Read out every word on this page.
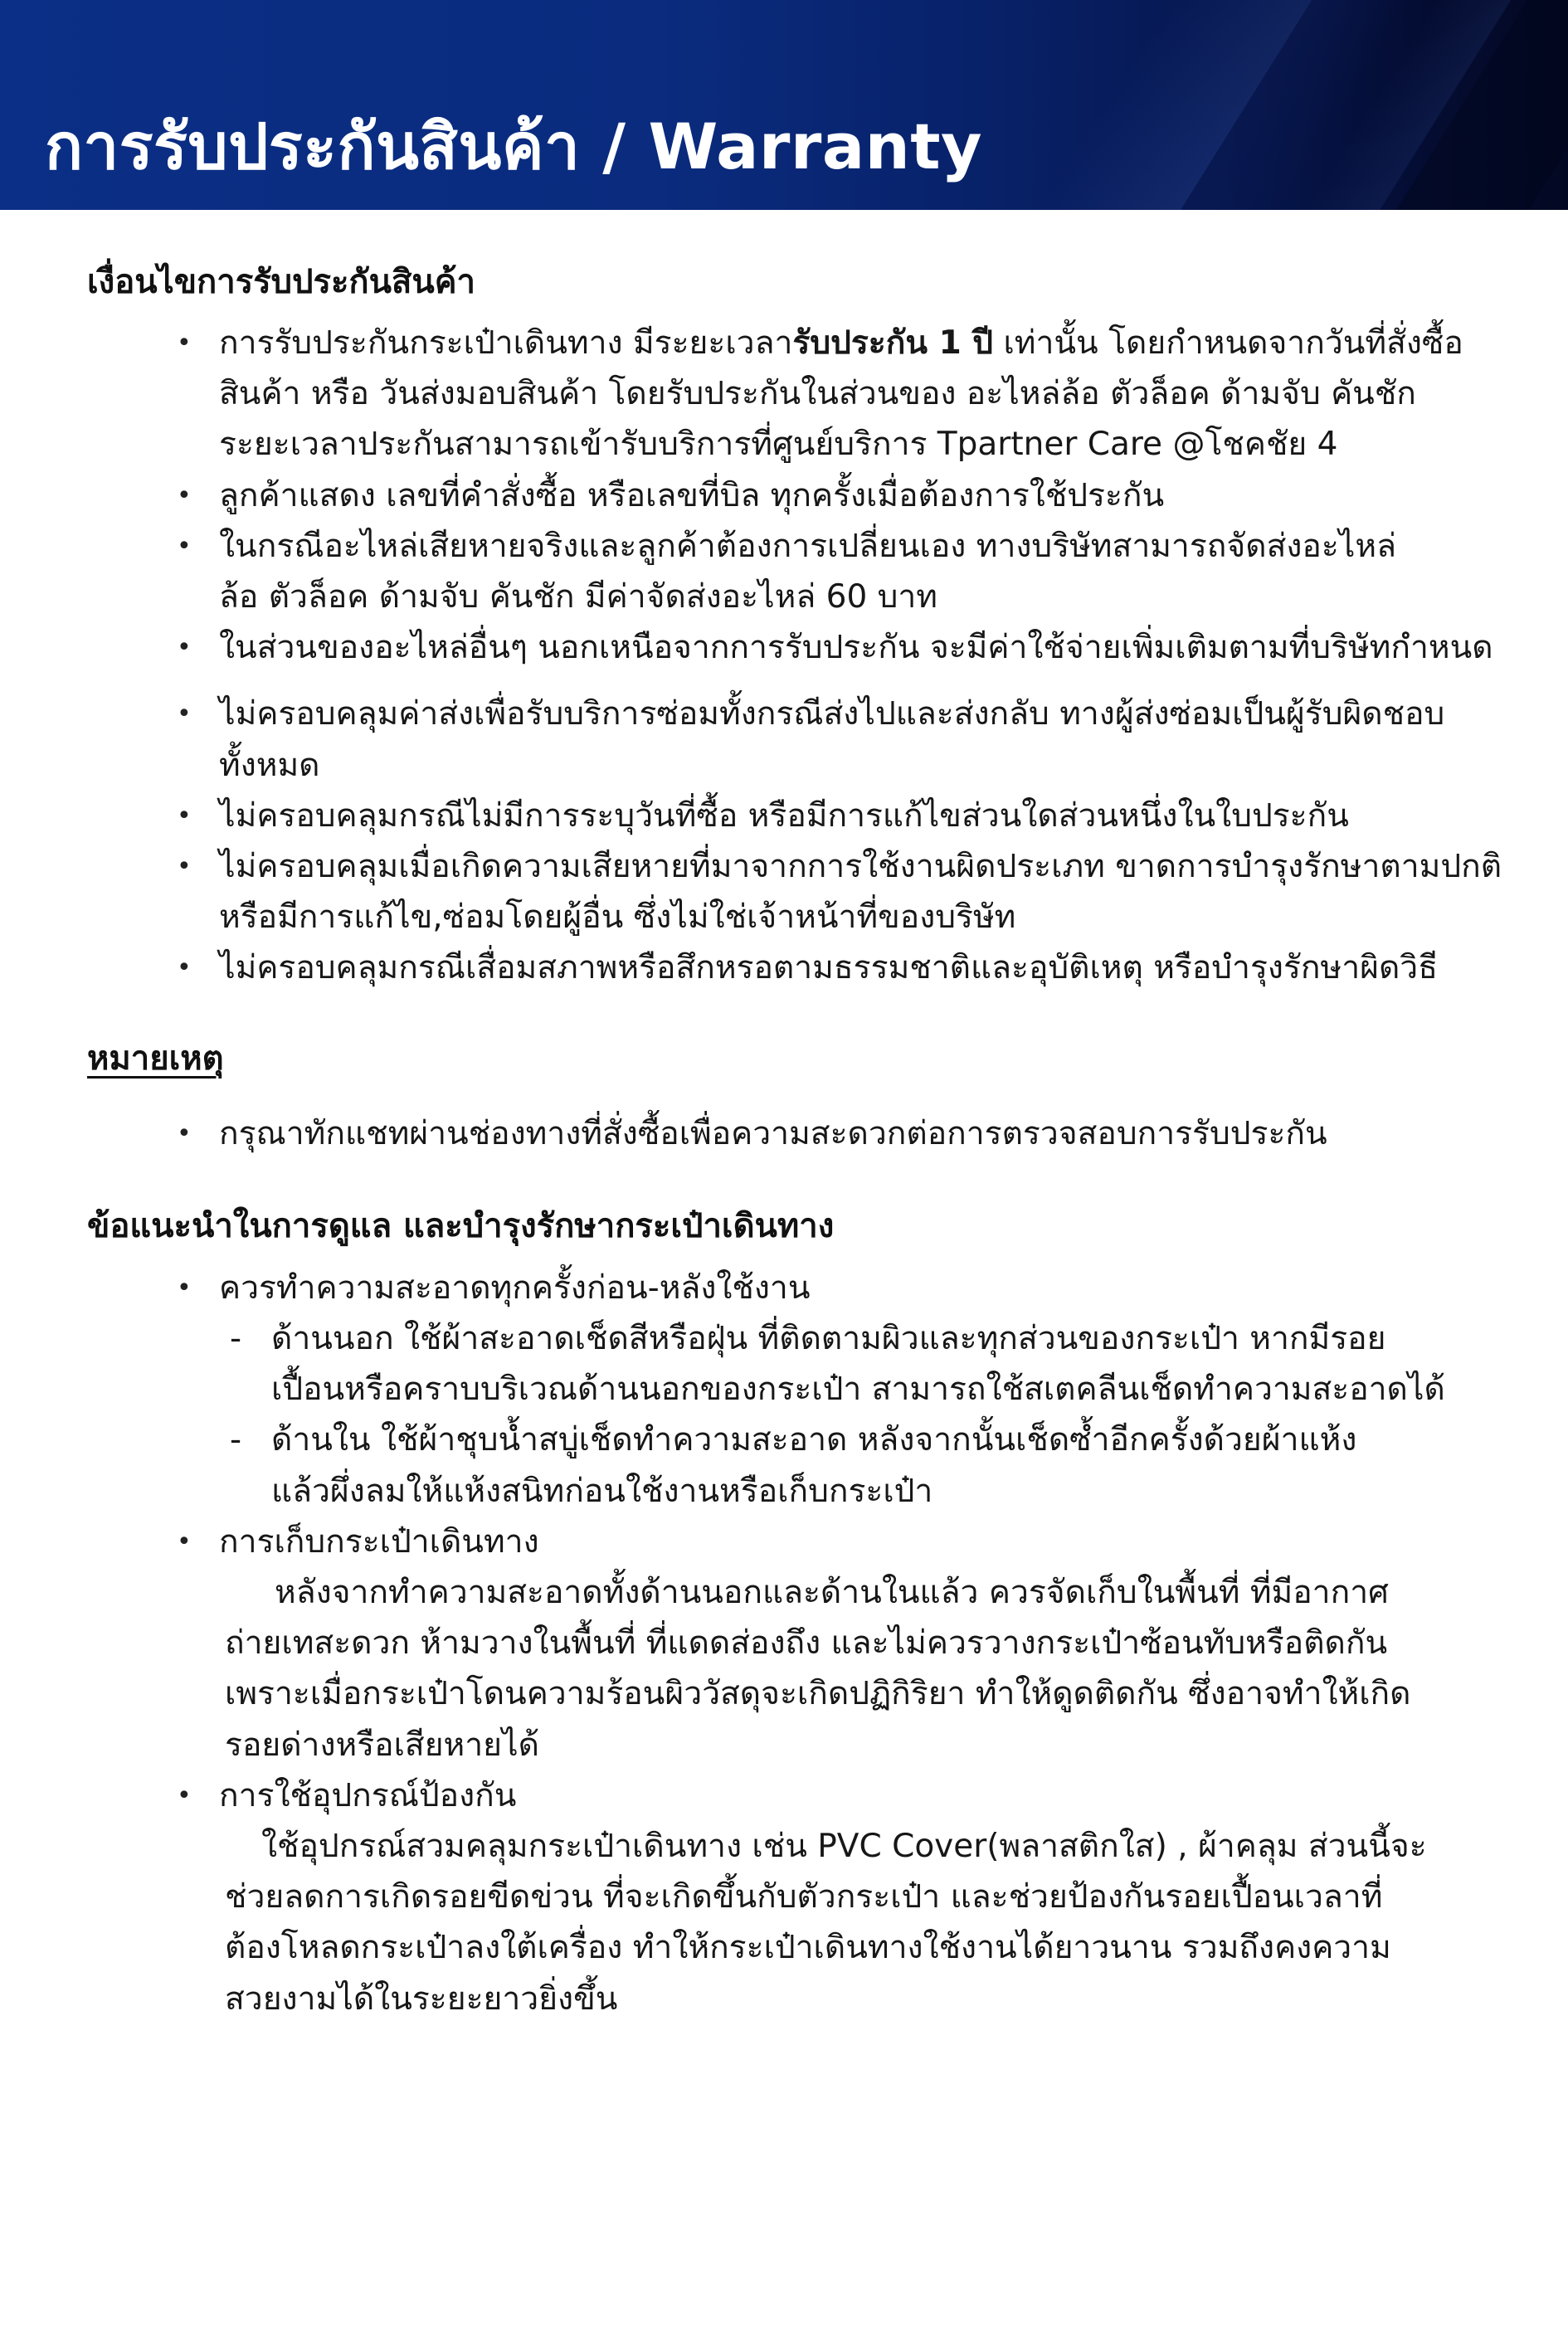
การรับประกันสินค้า / Warranty
เงื่อนไขการรับประกันสินค้า
• การรับประกันกระเป๋าเดินทาง มีระยะเวลารับประกัน 1 ปี เท่านั้น โดยกำหนดจากวันที่สั่งซื้อ
สินค้า หรือ วันส่งมอบสินค้า โดยรับประกันในส่วนของ อะไหล่ล้อ ตัวล็อค ด้ามจับ คันชัก
ระยะเวลาประกันสามารถเข้ารับบริการที่ศูนย์บริการ Tpartner Care @โชคชัย 4
• ลูกค้าแสดง เลขที่คำสั่งซื้อ หรือเลขที่บิล ทุกครั้งเมื่อต้องการใช้ประกัน
• ในกรณีอะไหล่เสียหายจริงและลูกค้าต้องการเปลี่ยนเอง ทางบริษัทสามารถจัดส่งอะไหล่
ล้อ ตัวล็อค ด้ามจับ คันชัก มีค่าจัดส่งอะไหล่ 60 บาท
• ในส่วนของอะไหล่อื่นๆ นอกเหนือจากการรับประกัน จะมีค่าใช้จ่ายเพิ่มเติมตามที่บริษัทกำหนด
• ไม่ครอบคลุมค่าส่งเพื่อรับบริการซ่อมทั้งกรณีส่งไปและส่งกลับ ทางผู้ส่งซ่อมเป็นผู้รับผิดชอบ
ทั้งหมด
• ไม่ครอบคลุมกรณีไม่มีการระบุวันที่ซื้อ หรือมีการแก้ไขส่วนใดส่วนหนึ่งในใบประกัน
• ไม่ครอบคลุมเมื่อเกิดความเสียหายที่มาจากการใช้งานผิดประเภท ขาดการบำรุงรักษาตามปกติ
หรือมีการแก้ไข,ซ่อมโดยผู้อื่น ซึ่งไม่ใช่เจ้าหน้าที่ของบริษัท
• ไม่ครอบคลุมกรณีเสื่อมสภาพหรือสึกหรอตามธรรมชาติและอุบัติเหตุ หรือบำรุงรักษาผิดวิธี
หมายเหตุ
• กรุณาทักแชทผ่านช่องทางที่สั่งซื้อเพื่อความสะดวกต่อการตรวจสอบการรับประกัน
ข้อแนะนำในการดูแล และบำรุงรักษากระเป๋าเดินทาง
• ควรทำความสะอาดทุกครั้งก่อน-หลังใช้งาน
- ด้านนอก ใช้ผ้าสะอาดเช็ดสีหรือฝุ่น ที่ติดตามผิวและทุกส่วนของกระเป๋า หากมีรอย
เปื้อนหรือคราบบริเวณด้านนอกของกระเป๋า สามารถใช้สเตคลีนเช็ดทำความสะอาดได้
- ด้านใน ใช้ผ้าชุบน้ำสบู่เช็ดทำความสะอาด หลังจากนั้นเช็ดซ้ำอีกครั้งด้วยผ้าแห้ง
แล้วผึ่งลมให้แห้งสนิทก่อนใช้งานหรือเก็บกระเป๋า
• การเก็บกระเป๋าเดินทาง
หลังจากทำความสะอาดทั้งด้านนอกและด้านในแล้ว ควรจัดเก็บในพื้นที่ ที่มีอากาศ
ถ่ายเทสะดวก ห้ามวางในพื้นที่ ที่แดดส่องถึง และไม่ควรวางกระเป๋าซ้อนทับหรือติดกัน
เพราะเมื่อกระเป๋าโดนความร้อนผิววัสดุจะเกิดปฏิกิริยา ทำให้ดูดติดกัน ซึ่งอาจทำให้เกิด
รอยด่างหรือเสียหายได้
• การใช้อุปกรณ์ป้องกัน
ใช้อุปกรณ์สวมคลุมกระเป๋าเดินทาง เช่น PVC Cover(พลาสติกใส) , ผ้าคลุม ส่วนนี้จะ
ช่วยลดการเกิดรอยขีดข่วน ที่จะเกิดขึ้นกับตัวกระเป๋า และช่วยป้องกันรอยเปื้อนเวลาที่
ต้องโหลดกระเป๋าลงใต้เครื่อง ทำให้กระเป๋าเดินทางใช้งานได้ยาวนาน รวมถึงคงความ
สวยงามได้ในระยะยาวยิ่งขึ้น
